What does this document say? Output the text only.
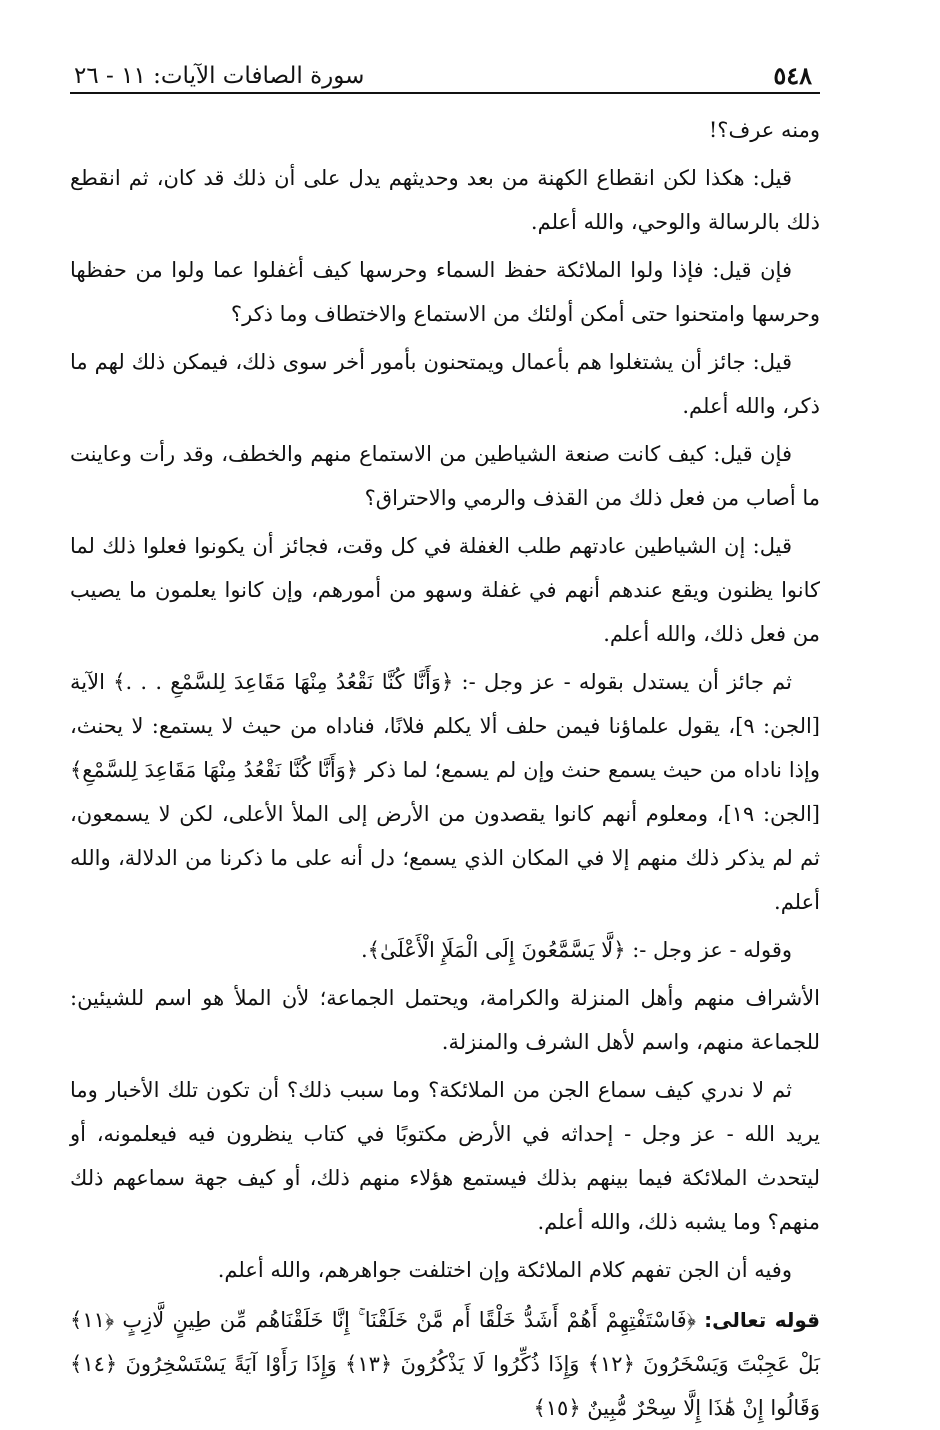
٥٤٨
سورة الصافات الآيات: ١١ - ٢٦

ومنه عرف؟!

قيل: هكذا لكن انقطاع الكهنة من بعد وحديثهم يدل على أن ذلك قد كان، ثم انقطع ذلك بالرسالة والوحي، والله أعلم.

فإن قيل: فإذا ولوا الملائكة حفظ السماء وحرسها كيف أغفلوا عما ولوا من حفظها وحرسها وامتحنوا حتى أمكن أولئك من الاستماع والاختطاف وما ذكر؟

قيل: جائز أن يشتغلوا هم بأعمال ويمتحنون بأمور أخر سوى ذلك، فيمكن ذلك لهم ما ذكر، والله أعلم.

فإن قيل: كيف كانت صنعة الشياطين من الاستماع منهم والخطف، وقد رأت وعاينت ما أصاب من فعل ذلك من القذف والرمي والاحتراق؟

قيل: إن الشياطين عادتهم طلب الغفلة في كل وقت، فجائز أن يكونوا فعلوا ذلك لما كانوا يظنون ويقع عندهم أنهم في غفلة وسهو من أمورهم، وإن كانوا يعلمون ما يصيب من فعل ذلك، والله أعلم.

ثم جائز أن يستدل بقوله - عز وجل -: ﴿وَأَنَّا كُنَّا نَقْعُدُ مِنْهَا مَقَاعِدَ لِلسَّمْعِ . . .﴾ الآية [الجن: ٩]، يقول علماؤنا فيمن حلف ألا يكلم فلانًا، فناداه من حيث لا يستمع: لا يحنث، وإذا ناداه من حيث يسمع حنث وإن لم يسمع؛ لما ذكر ﴿وَأَنَّا كُنَّا نَقْعُدُ مِنْهَا مَقَاعِدَ لِلسَّمْعِ﴾ [الجن: ١٩]، ومعلوم أنهم كانوا يقصدون من الأرض إلى الملأ الأعلى، لكن لا يسمعون، ثم لم يذكر ذلك منهم إلا في المكان الذي يسمع؛ دل أنه على ما ذكرنا من الدلالة، والله أعلم.

وقوله - عز وجل -: ﴿لَّا يَسَّمَّعُونَ إِلَى الْمَلَإِ الْأَعْلَىٰ﴾.

الأشراف منهم وأهل المنزلة والكرامة، ويحتمل الجماعة؛ لأن الملأ هو اسم للشيئين: للجماعة منهم، واسم لأهل الشرف والمنزلة.

ثم لا ندري كيف سماع الجن من الملائكة؟ وما سبب ذلك؟ أن تكون تلك الأخبار وما يريد الله - عز وجل - إحداثه في الأرض مكتوبًا في كتاب ينظرون فيه فيعلمونه، أو ليتحدث الملائكة فيما بينهم بذلك فيستمع هؤلاء منهم ذلك، أو كيف جهة سماعهم ذلك منهم؟ وما يشبه ذلك، والله أعلم.

وفيه أن الجن تفهم كلام الملائكة وإن اختلفت جواهرهم، والله أعلم.

قوله تعالى: ﴿فَاسْتَفْتِهِمْ أَهُمْ أَشَدُّ خَلْقًا أَم مَّنْ خَلَقْنَا ۚ إِنَّا خَلَقْنَاهُم مِّن طِينٍ لَّازِبٍ ﴿١١﴾ بَلْ عَجِبْتَ وَيَسْخَرُونَ ﴿١٢﴾ وَإِذَا ذُكِّرُوا لَا يَذْكُرُونَ ﴿١٣﴾ وَإِذَا رَأَوْا آيَةً يَسْتَسْخِرُونَ ﴿١٤﴾ وَقَالُوا إِنْ هَٰذَا إِلَّا سِحْرٌ مُّبِينٌ ﴿١٥﴾
